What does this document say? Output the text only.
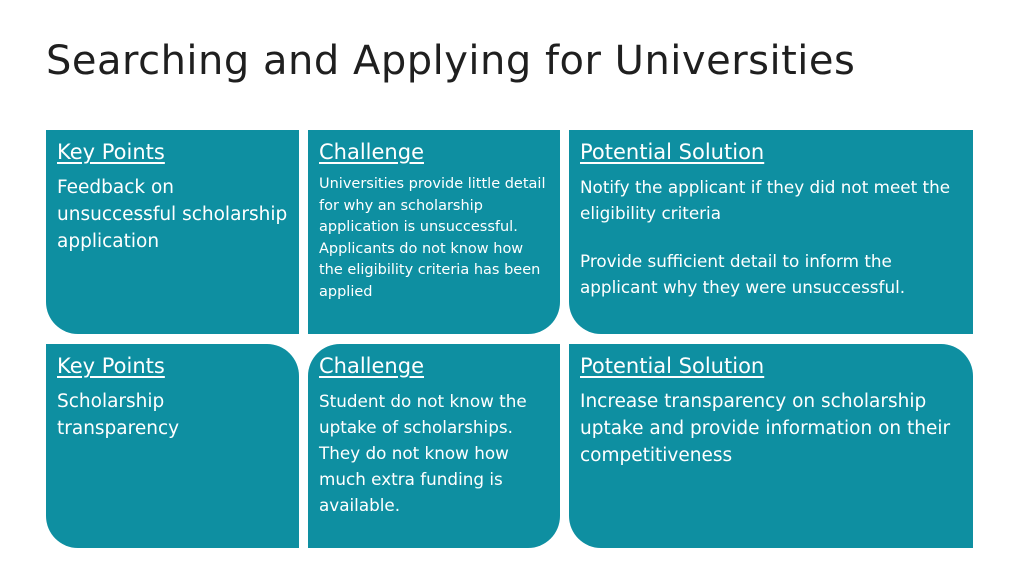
Searching and Applying for Universities
Key Points
Feedback on unsuccessful scholarship application
Challenge
Universities provide little detail for why an scholarship application is unsuccessful. Applicants do not know how the eligibility criteria has been applied
Potential Solution

Notify the applicant if they did not meet the eligibility criteria

Provide sufficient detail to inform the applicant why they were unsuccessful.

Key Points
Scholarship transparency
Challenge
Student do not know the uptake of scholarships. They do not know how much extra funding is available.
Potential Solution

Increase transparency on scholarship uptake and provide information on their competitiveness
